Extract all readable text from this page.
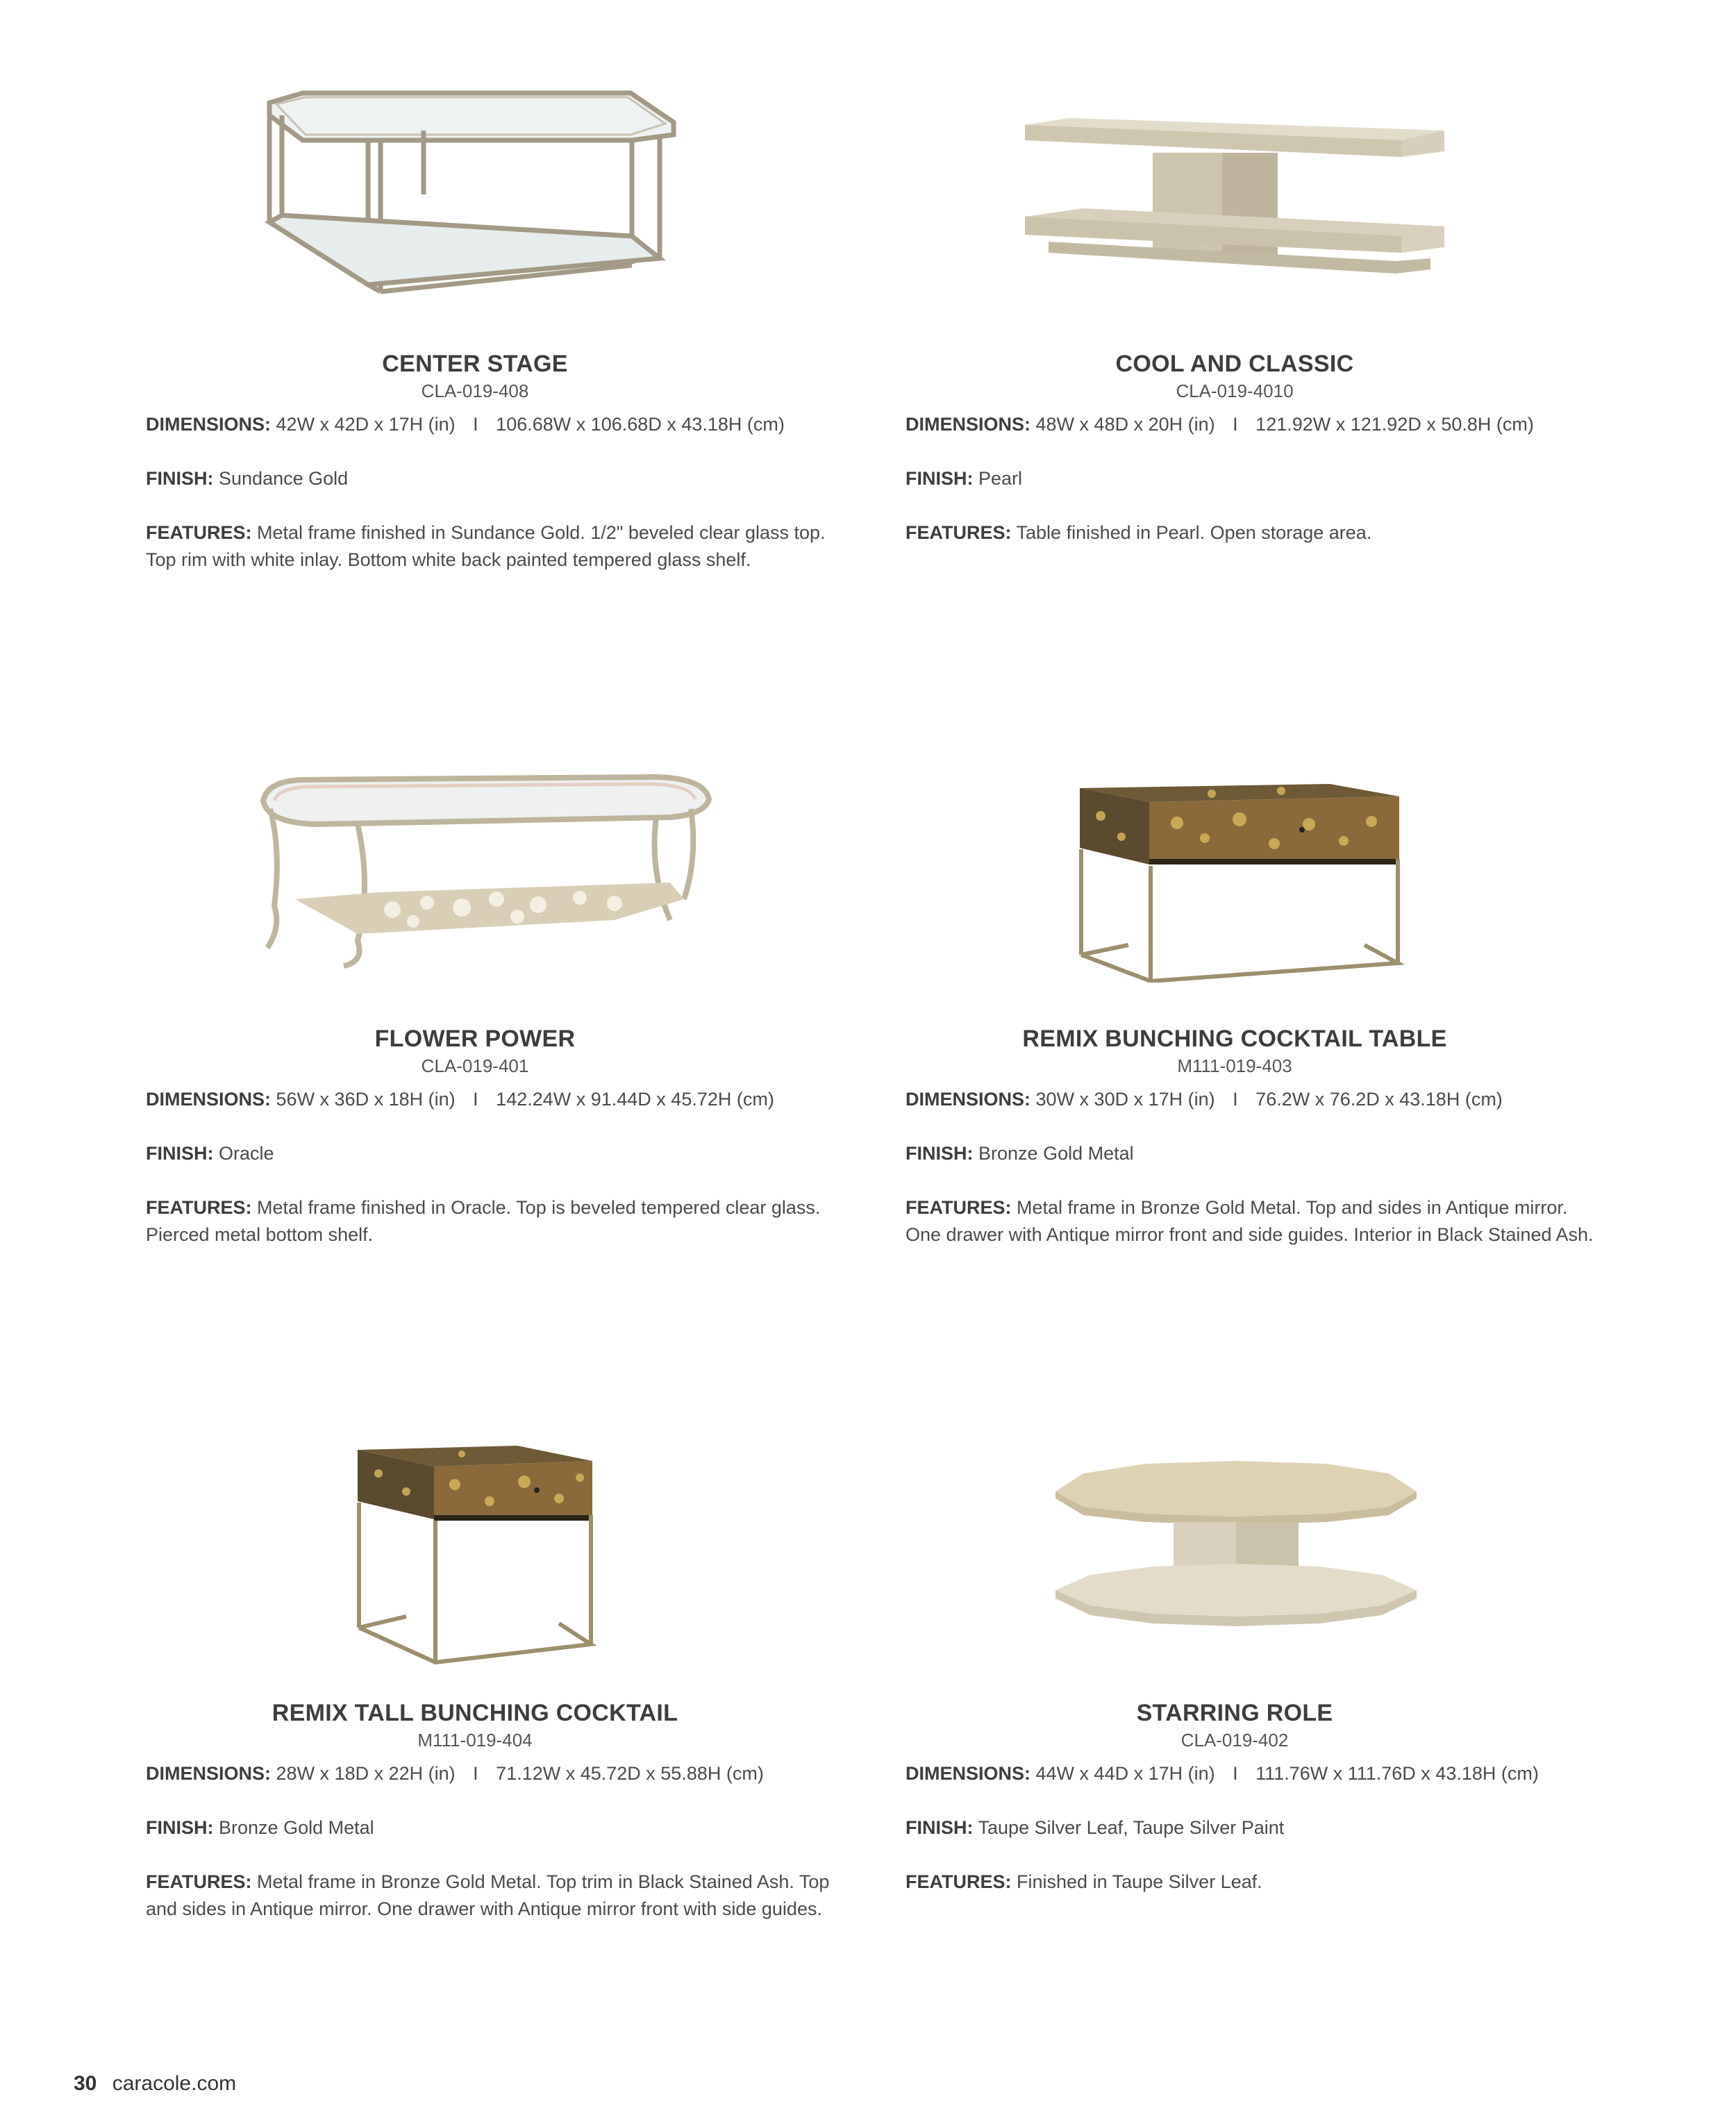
CENTER STAGE
CLA-019-408
DIMENSIONS: 42W x 42D x 17H (in) I 106.68W x 106.68D x 43.18H (cm)
FINISH: Sundance Gold
FEATURES: Metal frame finished in Sundance Gold. 1/2" beveled clear glass top. Top rim with white inlay. Bottom white back painted tempered glass shelf.
COOL AND CLASSIC
CLA-019-4010
DIMENSIONS: 48W x 48D x 20H (in) I 121.92W x 121.92D x 50.8H (cm)
FINISH: Pearl
FEATURES: Table finished in Pearl. Open storage area.
FLOWER POWER
CLA-019-401
DIMENSIONS: 56W x 36D x 18H (in) I 142.24W x 91.44D x 45.72H (cm)
FINISH: Oracle
FEATURES: Metal frame finished in Oracle. Top is beveled tempered clear glass. Pierced metal bottom shelf.
REMIX BUNCHING COCKTAIL TABLE
M111-019-403
DIMENSIONS: 30W x 30D x 17H (in) I 76.2W x 76.2D x 43.18H (cm)
FINISH: Bronze Gold Metal
FEATURES: Metal frame in Bronze Gold Metal. Top and sides in Antique mirror. One drawer with Antique mirror front and side guides. Interior in Black Stained Ash.
REMIX TALL BUNCHING COCKTAIL
M111-019-404
DIMENSIONS: 28W x 18D x 22H (in) I 71.12W x 45.72D x 55.88H (cm)
FINISH: Bronze Gold Metal
FEATURES: Metal frame in Bronze Gold Metal. Top trim in Black Stained Ash. Top and sides in Antique mirror. One drawer with Antique mirror front with side guides.
STARRING ROLE
CLA-019-402
DIMENSIONS: 44W x 44D x 17H (in) I 111.76W x 111.76D x 43.18H (cm)
FINISH: Taupe Silver Leaf, Taupe Silver Paint
FEATURES: Finished in Taupe Silver Leaf.
30 caracole.com
